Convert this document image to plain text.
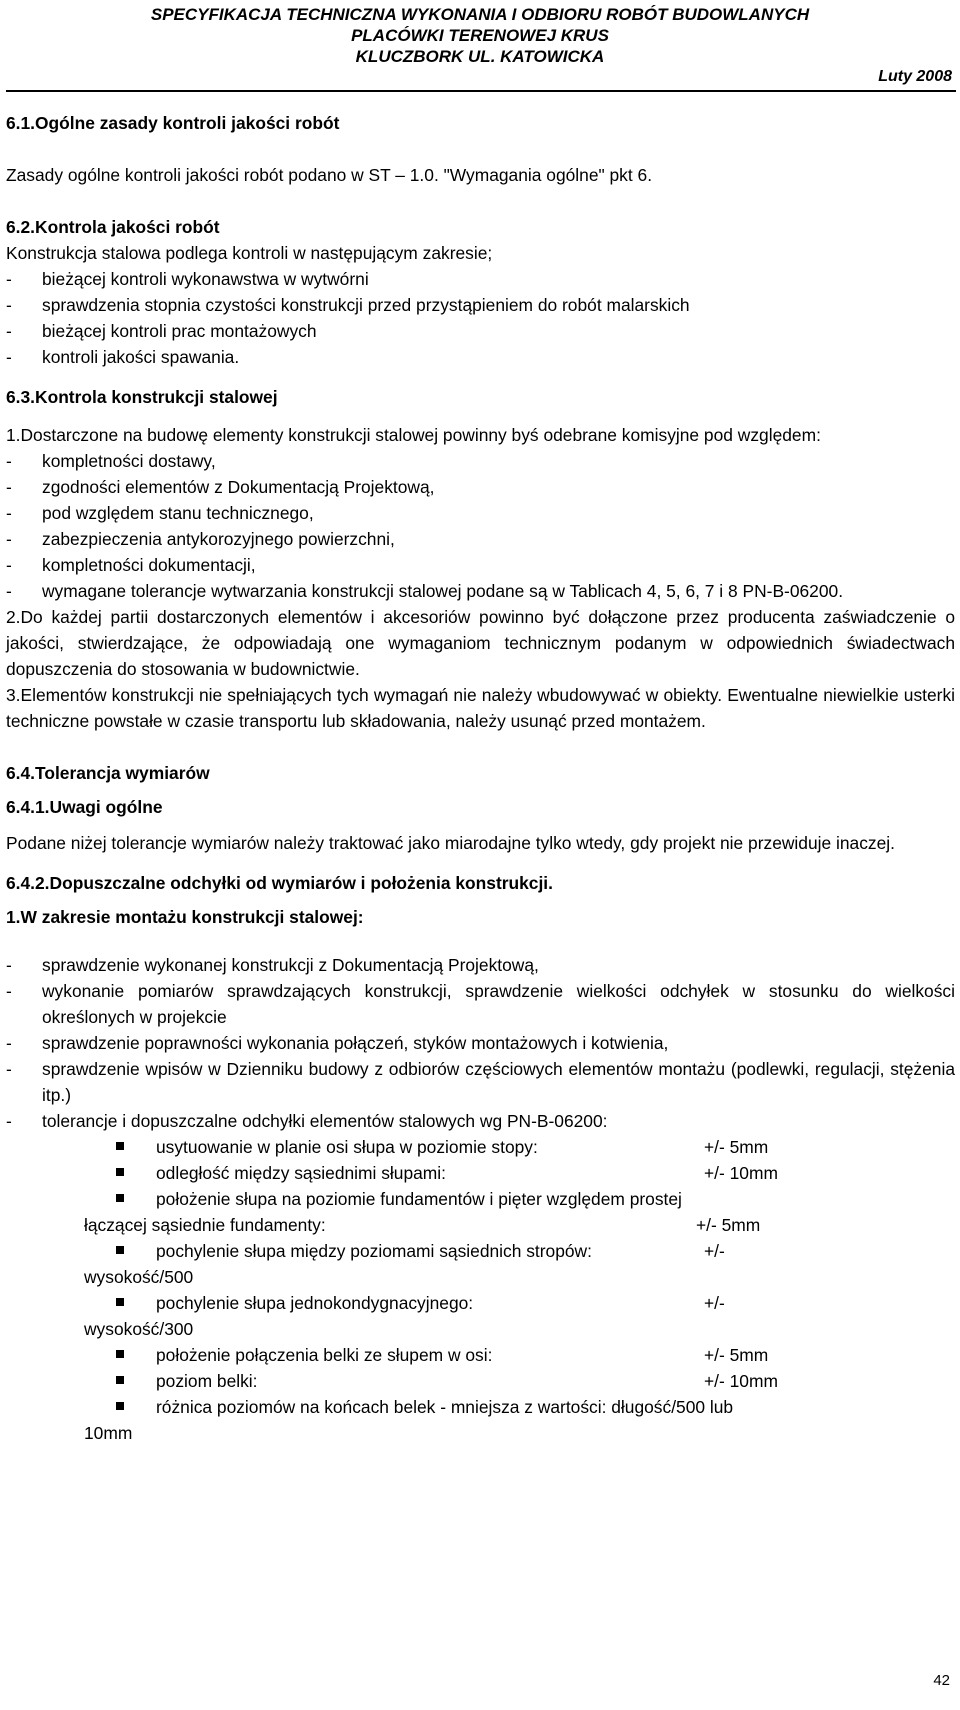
SPECYFIKACJA TECHNICZNA WYKONANIA I ODBIORU ROBÓT BUDOWLANYCH
PLACÓWKI TERENOWEJ KRUS
KLUCZBORK UL. KATOWICKA
Luty 2008
6.1.Ogólne zasady kontroli jakości robót

Zasady ogólne kontroli jakości robót podano w ST – 1.0. "Wymagania ogólne" pkt 6.

6.2.Kontrola jakości robót

Konstrukcja stalowa podlega kontroli w następującym zakresie;

-	bieżącej kontroli wykonawstwa w wytwórni
-	sprawdzenia stopnia czystości konstrukcji przed przystąpieniem do robót malarskich
-	bieżącej kontroli prac montażowych
-	kontroli jakości spawania.
6.3.Kontrola konstrukcji stalowej

1.Dostarczone na budowę elementy konstrukcji stalowej powinny byś odebrane komisyjne pod względem:

-	kompletności dostawy,
-	zgodności elementów z Dokumentacją Projektową,
-	pod względem stanu technicznego,
-	zabezpieczenia antykorozyjnego powierzchni,
-	kompletności dokumentacji,
-	wymagane tolerancje wytwarzania konstrukcji stalowej podane są w Tablicach 4, 5, 6, 7 i 8 PN-B-06200.

2.Do każdej partii dostarczonych elementów i akcesoriów powinno być dołączone przez producenta zaświadczenie o jakości, stwierdzające, że odpowiadają one wymaganiom technicznym podanym w odpowiednich świadectwach dopuszczenia do stosowania w budownictwie.

3.Elementów konstrukcji nie spełniających tych wymagań nie należy wbudowywać w obiekty. Ewentualne niewielkie usterki techniczne powstałe w czasie transportu lub składowania, należy usunąć przed montażem.

6.4.Tolerancja wymiarów
6.4.1.Uwagi ogólne

Podane niżej tolerancje wymiarów należy traktować jako miarodajne tylko wtedy, gdy projekt nie przewiduje inaczej.

6.4.2.Dopuszczalne odchyłki od wymiarów i położenia konstrukcji.
1.W zakresie montażu konstrukcji stalowej:
-	sprawdzenie wykonanej konstrukcji z Dokumentacją Projektową,
-	wykonanie pomiarów sprawdzających konstrukcji, sprawdzenie wielkości odchyłek w stosunku do wielkości określonych w projekcie
-	sprawdzenie poprawności wykonania połączeń, styków montażowych i kotwienia,
-	sprawdzenie wpisów w Dzienniku budowy z odbiorów częściowych elementów montażu (podlewki, regulacji, stężenia itp.)
-	tolerancje i dopuszczalne odchyłki elementów stalowych wg PN-B-06200:
usytuowanie w planie osi słupa w poziomie stopy:	+/- 5mm
odległość między sąsiednimi słupami:	+/- 10mm
położenie słupa na poziomie fundamentów i pięter względem prostej
łączącej sąsiednie fundamenty:	+/- 5mm
pochylenie słupa między poziomami sąsiednich stropów:	+/-
wysokość/500
pochylenie słupa jednokondygnacyjnego:	+/-
wysokość/300
położenie połączenia belki ze słupem w osi:	+/- 5mm
poziom belki:	+/- 10mm
różnica poziomów na końcach belek - mniejsza z wartości: długość/500 lub
10mm
42
